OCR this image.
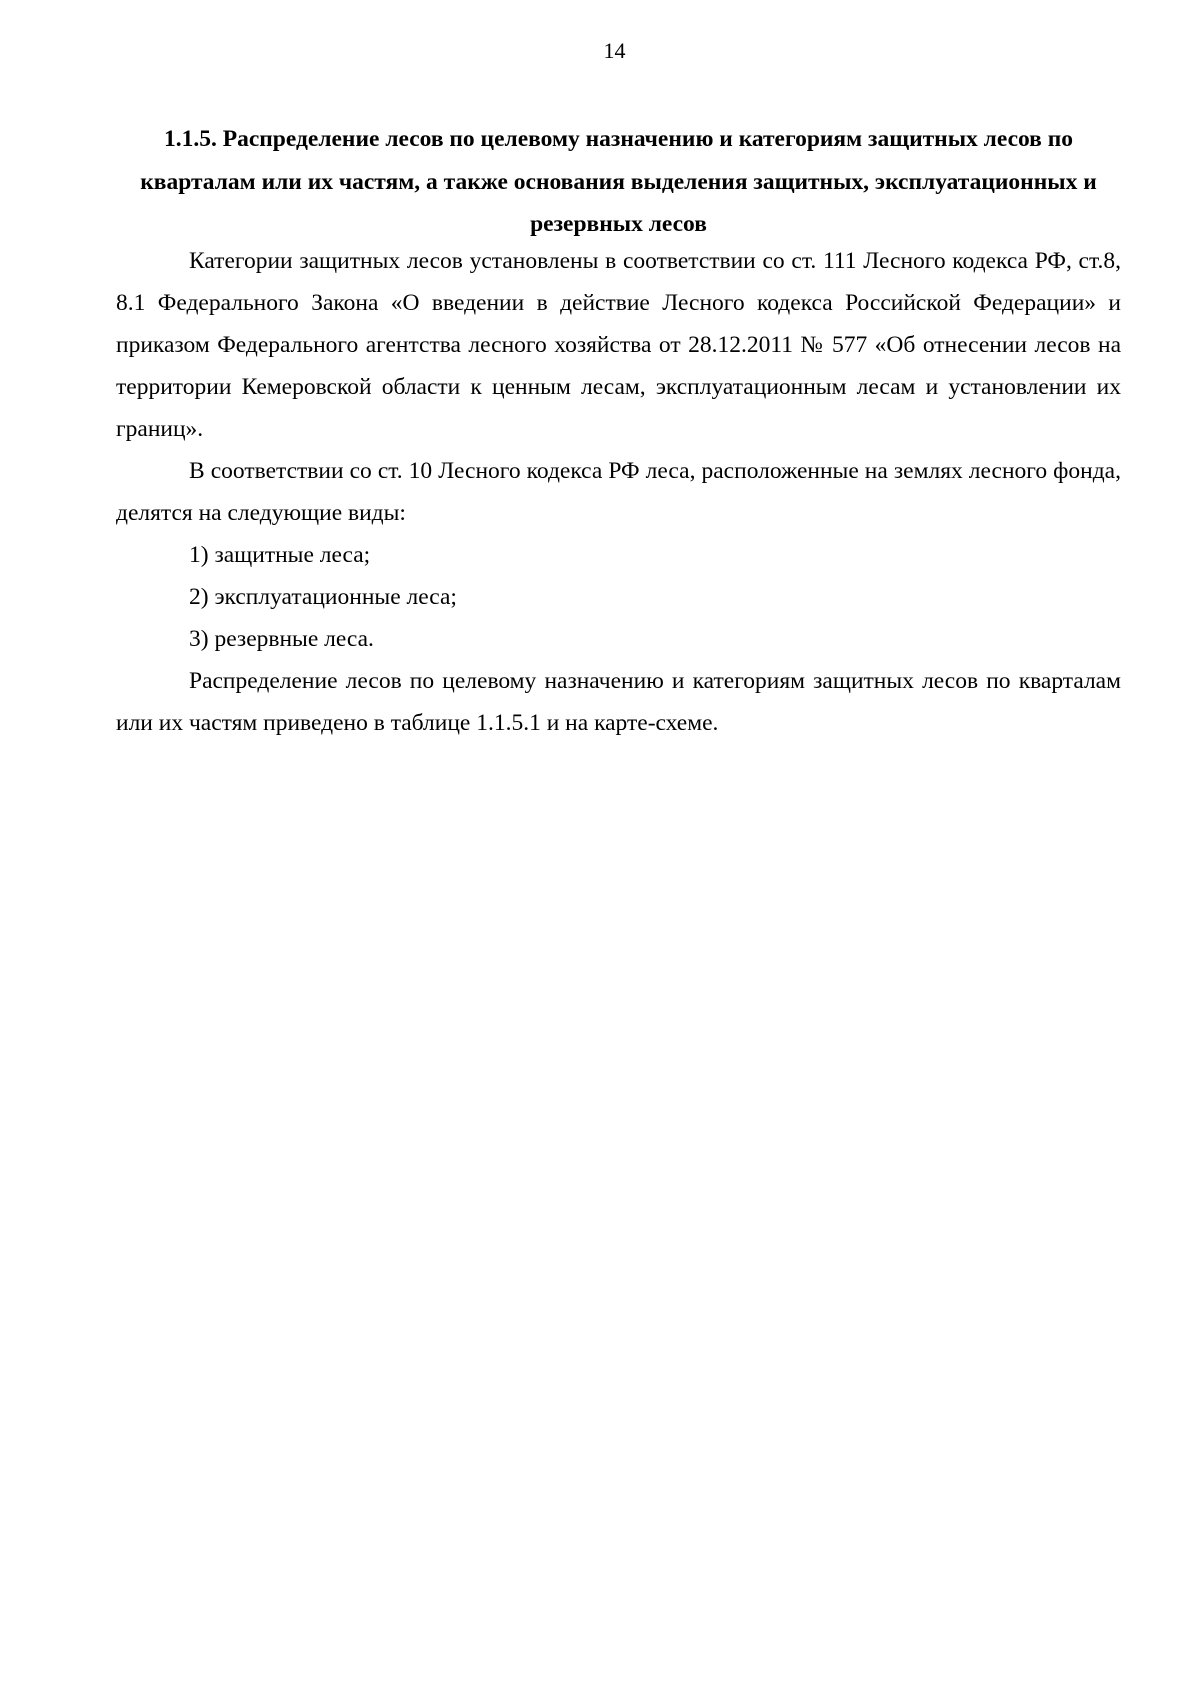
14
1.1.5. Распределение лесов по целевому назначению и категориям защитных лесов по кварталам или их частям, а также основания выделения защитных, эксплуатационных и резервных лесов

Категории защитных лесов установлены в соответствии со ст. 111 Лесного кодекса РФ, ст.8, 8.1 Федерального Закона «О введении в действие Лесного кодекса Российской Федерации» и приказом Федерального агентства лесного хозяйства от 28.12.2011 № 577 «Об отнесении лесов на территории Кемеровской области к ценным лесам, эксплуатационным лесам и установлении их границ».

В соответствии со ст. 10 Лесного кодекса РФ леса, расположенные на землях лесного фонда, делятся на следующие виды:

1) защитные леса;

2) эксплуатационные леса;

3) резервные леса.

Распределение лесов по целевому назначению и категориям защитных лесов по кварталам или их частям приведено в таблице 1.1.5.1 и на карте-схеме.
